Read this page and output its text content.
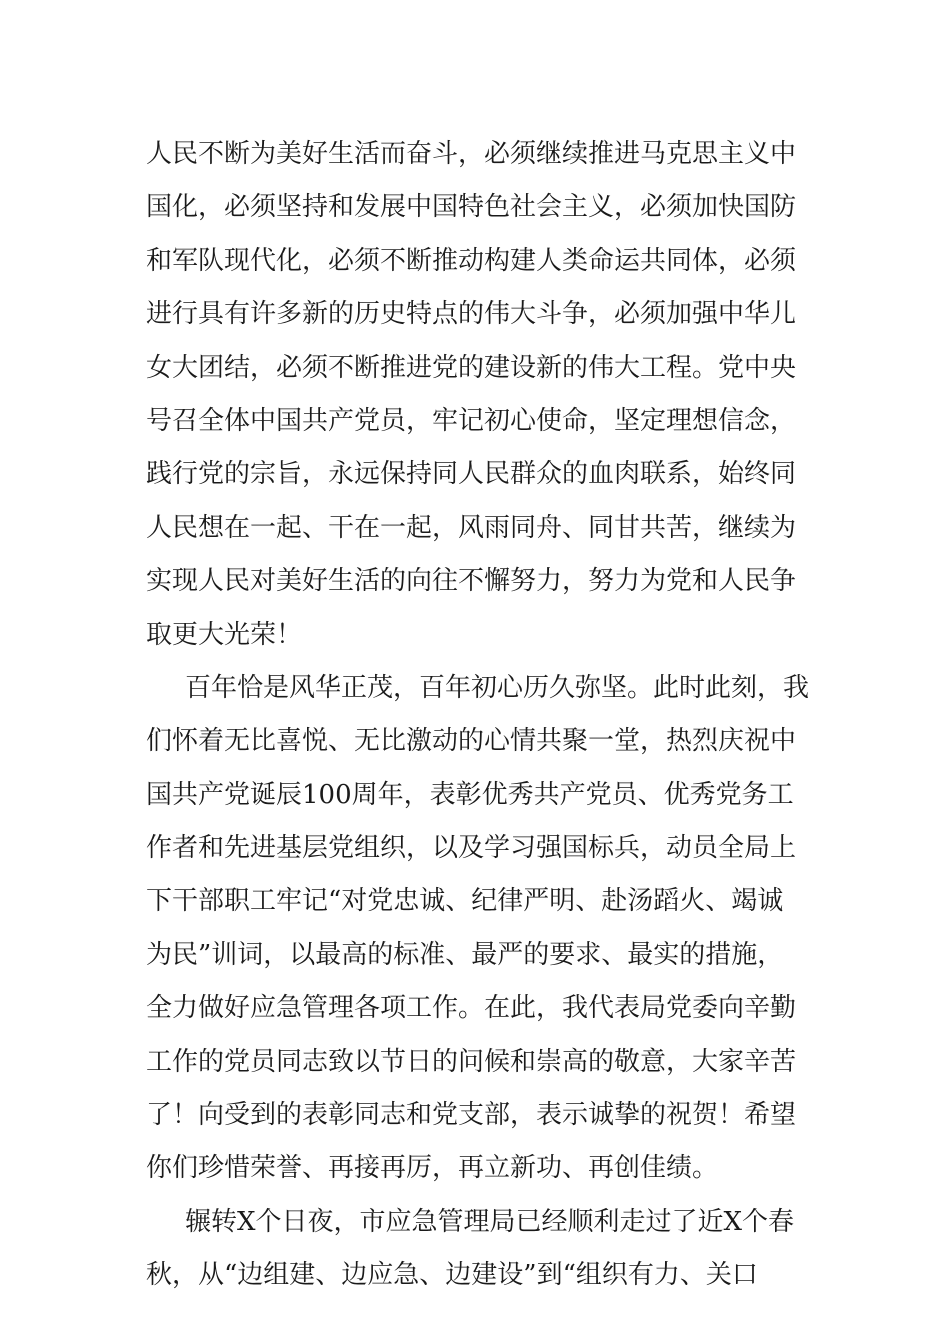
人民不断为美好生活而奋斗，必须继续推进马克思主义中
国化，必须坚持和发展中国特色社会主义，必须加快国防
和军队现代化，必须不断推动构建人类命运共同体，必须
进行具有许多新的历史特点的伟大斗争，必须加强中华儿
女大团结，必须不断推进党的建设新的伟大工程。党中央
号召全体中国共产党员，牢记初心使命，坚定理想信念，
践行党的宗旨，永远保持同人民群众的血肉联系，始终同
人民想在一起、干在一起，风雨同舟、同甘共苦，继续为
实现人民对美好生活的向往不懈努力，努力为党和人民争
取更大光荣！
百年恰是风华正茂，百年初心历久弥坚。此时此刻，我
们怀着无比喜悦、无比激动的心情共聚一堂，热烈庆祝中
国共产党诞辰100周年，表彰优秀共产党员、优秀党务工
作者和先进基层党组织，以及学习强国标兵，动员全局上
下干部职工牢记“对党忠诚、纪律严明、赴汤蹈火、竭诚
为民”训词，以最高的标准、最严的要求、最实的措施，
全力做好应急管理各项工作。在此，我代表局党委向辛勤
工作的党员同志致以节日的问候和崇高的敬意，大家辛苦
了！向受到的表彰同志和党支部，表示诚挚的祝贺！希望
你们珍惜荣誉、再接再厉，再立新功、再创佳绩。
辗转X个日夜，市应急管理局已经顺利走过了近X个春
秋，从“边组建、边应急、边建设”到“组织有力、关口
